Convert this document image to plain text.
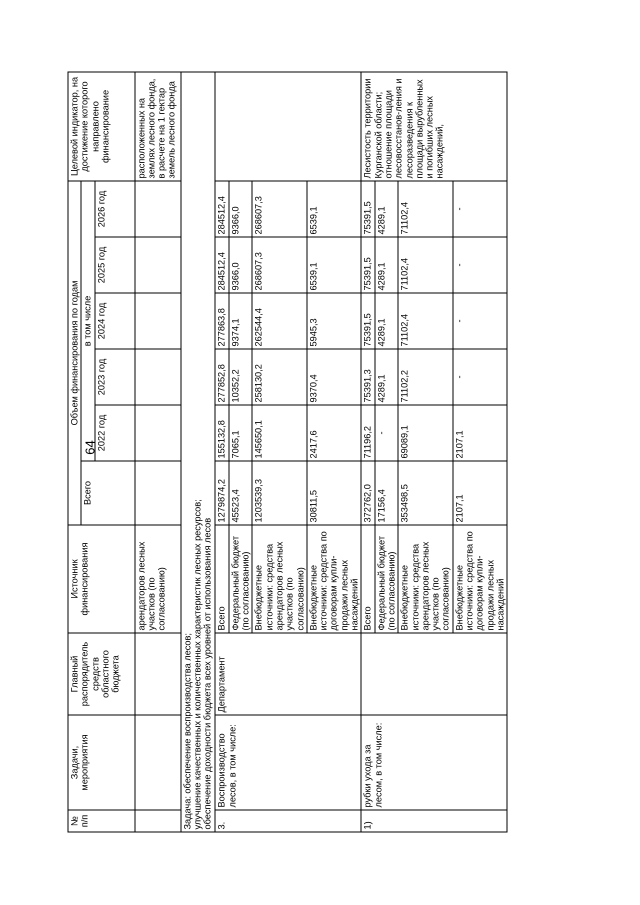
64
№ п/п	Задачи, мероприятия	Главный распорядитель средств областного бюджета	Источник финансирования	Объем финансирования по годам						Целевой индикатор, на достижение которого направлено финансирование
				Всего	в том числе					
					2022 год	2023 год	2024 год	2025 год	2026 год	
			арендаторов лесных участков (по согласованию)							расположенных на землях лесного фонда, в расчете на 1 гектар земель лесного фонда

Задача: обеспечение воспроизводства лесов; улучшение качественных и количественных характеристик лесных ресурсов; обеспечение доходности бюджета всех уровней от использования лесов										

3.	Воспроизводство лесов, в том числе:	Департамент	Всего	1279874,2	155132,8	277852,8	277863,8	284512,4	284512,4	
			Федеральный бюджет (по согласованию)	45523,4	7065,1	10352,2	9374,1	9366,0	9366,0	
			Внебюджетные источники: средства арендаторов лесных участков (по согласованию)	1203539,3	145650,1	258130,2	262544,4	268607,3	268607,3	
			Внебюджетные источники: средства по договорам купли-продажи лесных насаждений	30811,5	2417,6	9370,4	5945,3	6539,1	6539,1	
1)	рубки ухода за лесом, в том числе:		Всего	372762,0	71196,2	75391,3	75391,5	75391,5	75391,5	Лесистость территории Курганской области; отношение площади лесовосстанов-ления и лесоразведения к площади вырубленных и погибших лесных насаждений,
			Федеральный бюджет (по согласованию)	17156,4	-	4289,1	4289,1	4289,1	4289,1	
			Внебюджетные источники: средства арендаторов лесных участков (по согласованию)	353498,5	69089,1	71102,2	71102,4	71102,4	71102,4	
			Внебюджетные источники: средства по договорам купли-продажи лесных насаждений	2107,1	2107,1	-	-	-	-	
